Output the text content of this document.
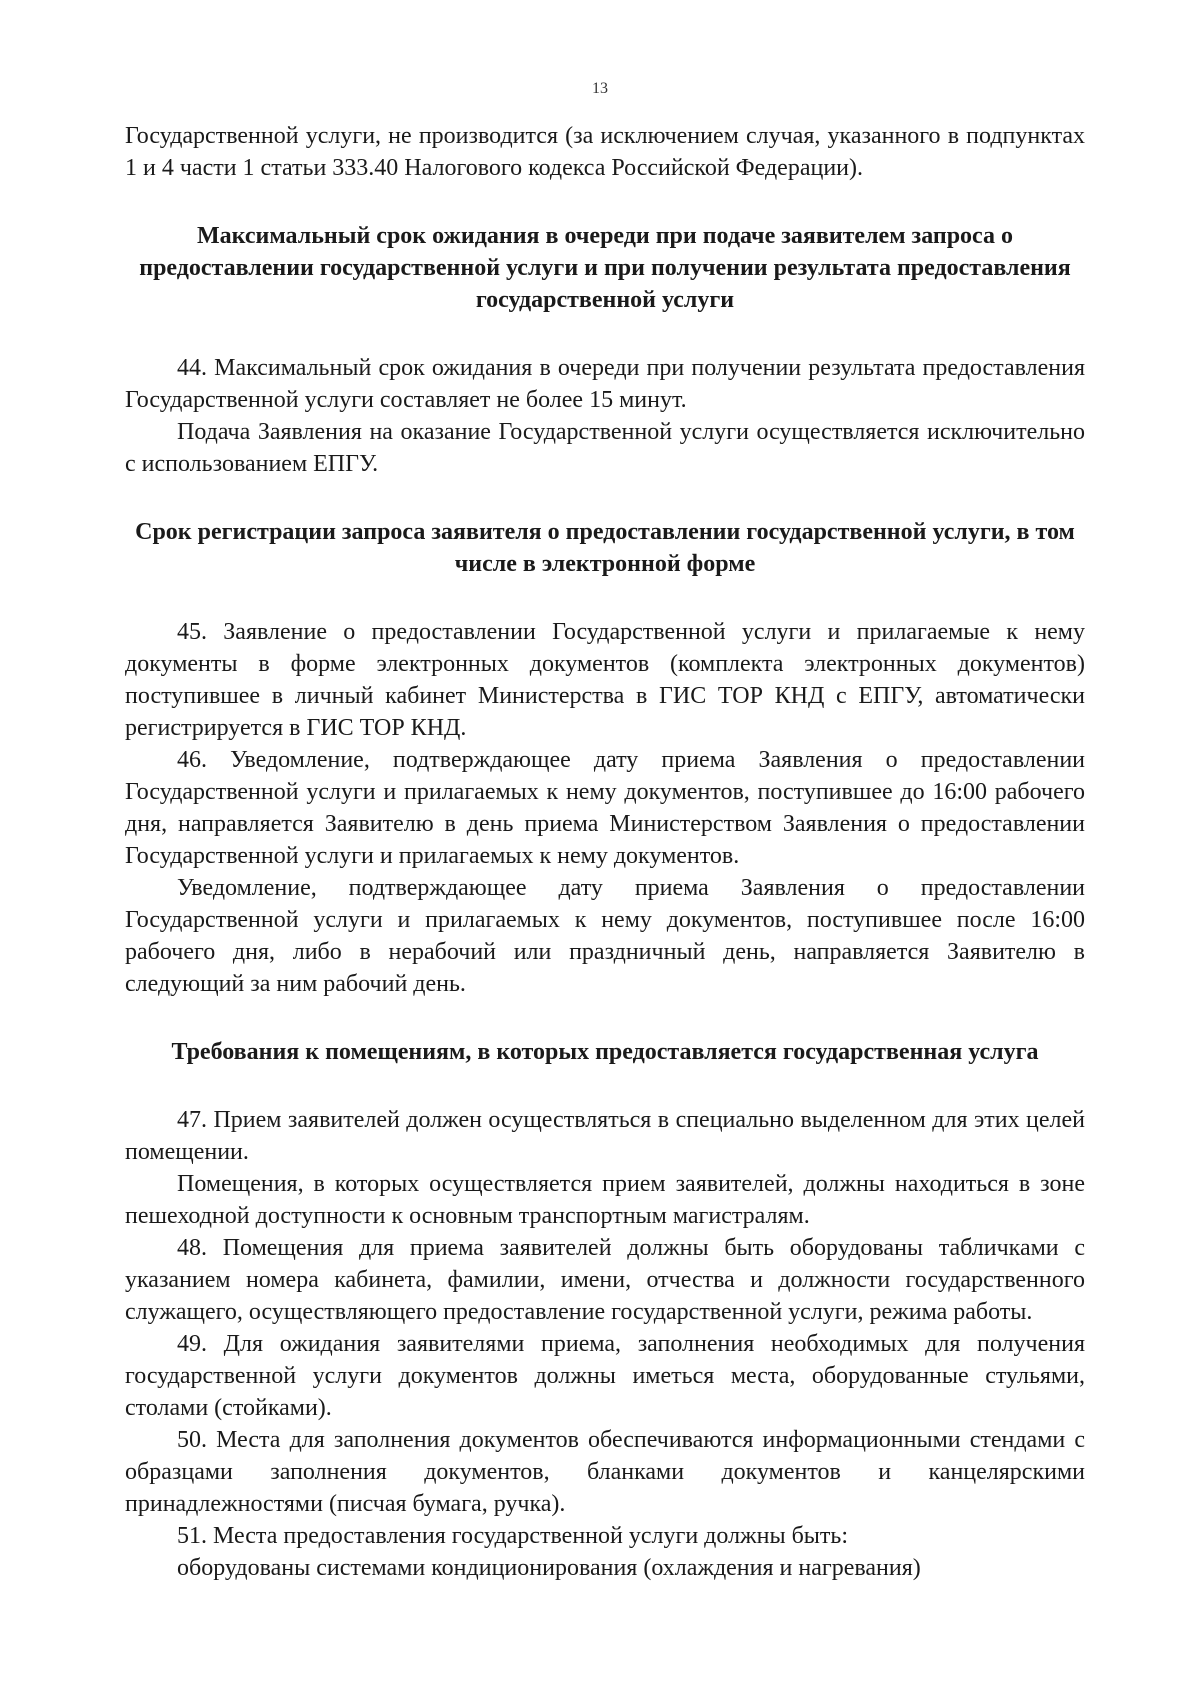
13

Государственной услуги, не производится (за исключением случая, указанного в подпунктах 1 и 4 части 1 статьи 333.40 Налогового кодекса Российской Федерации).

Максимальный срок ожидания в очереди при подаче заявителем запроса о предоставлении государственной услуги и при получении результата предоставления государственной услуги

44. Максимальный срок ожидания в очереди при получении результата предоставления Государственной услуги составляет не более 15 минут.

Подача Заявления на оказание Государственной услуги осуществляется исключительно с использованием ЕПГУ.

Срок регистрации запроса заявителя о предоставлении государственной услуги, в том числе в электронной форме

45. Заявление о предоставлении Государственной услуги и прилагаемые к нему документы в форме электронных документов (комплекта электронных документов) поступившее в личный кабинет Министерства в ГИС ТОР КНД с ЕПГУ, автоматически регистрируется в ГИС ТОР КНД.

46. Уведомление, подтверждающее дату приема Заявления о предоставлении Государственной услуги и прилагаемых к нему документов, поступившее до 16:00 рабочего дня, направляется Заявителю в день приема Министерством Заявления о предоставлении Государственной услуги и прилагаемых к нему документов.

Уведомление, подтверждающее дату приема Заявления о предоставлении Государственной услуги и прилагаемых к нему документов, поступившее после 16:00 рабочего дня, либо в нерабочий или праздничный день, направляется Заявителю в следующий за ним рабочий день.

Требования к помещениям, в которых предоставляется государственная услуга

47. Прием заявителей должен осуществляться в специально выделенном для этих целей помещении.

Помещения, в которых осуществляется прием заявителей, должны находиться в зоне пешеходной доступности к основным транспортным магистралям.

48. Помещения для приема заявителей должны быть оборудованы табличками с указанием номера кабинета, фамилии, имени, отчества и должности государственного служащего, осуществляющего предоставление государственной услуги, режима работы.

49. Для ожидания заявителями приема, заполнения необходимых для получения государственной услуги документов должны иметься места, оборудованные стульями, столами (стойками).

50. Места для заполнения документов обеспечиваются информационными стендами с образцами заполнения документов, бланками документов и канцелярскими принадлежностями (писчая бумага, ручка).

51. Места предоставления государственной услуги должны быть:

оборудованы системами кондиционирования (охлаждения и нагревания)
